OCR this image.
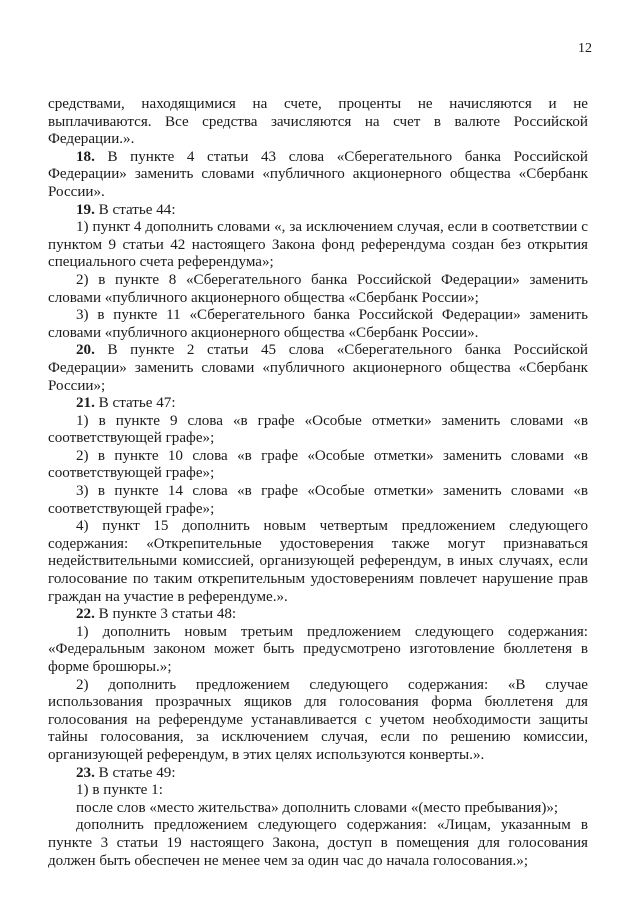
12

средствами, находящимися на счете, проценты не начисляются и не выплачиваются. Все средства зачисляются на счет в валюте Российской Федерации.».

18. В пункте 4 статьи 43 слова «Сберегательного банка Российской Федерации» заменить словами «публичного акционерного общества «Сбербанк России».

19. В статье 44:

1) пункт 4 дополнить словами «, за исключением случая, если в соответствии с пунктом 9 статьи 42 настоящего Закона фонд референдума создан без открытия специального счета референдума»;

2) в пункте 8 «Сберегательного банка Российской Федерации» заменить словами «публичного акционерного общества «Сбербанк России»;

3) в пункте 11 «Сберегательного банка Российской Федерации» заменить словами «публичного акционерного общества «Сбербанк России».

20. В пункте 2 статьи 45 слова «Сберегательного банка Российской Федерации» заменить словами «публичного акционерного общества «Сбербанк России»;

21. В статье 47:

1) в пункте 9 слова «в графе «Особые отметки» заменить словами «в соответствующей графе»;

2) в пункте 10 слова «в графе «Особые отметки» заменить словами «в соответствующей графе»;

3) в пункте 14 слова «в графе «Особые отметки» заменить словами «в соответствующей графе»;

4) пункт 15 дополнить новым четвертым предложением следующего содержания: «Открепительные удостоверения также могут признаваться недействительными комиссией, организующей референдум, в иных случаях, если голосование по таким открепительным удостоверениям повлечет нарушение прав граждан на участие в референдуме.».

22. В пункте 3 статьи 48:

1) дополнить новым третьим предложением следующего содержания: «Федеральным законом может быть предусмотрено изготовление бюллетеня в форме брошюры.»;

2) дополнить предложением следующего содержания: «В случае использования прозрачных ящиков для голосования форма бюллетеня для голосования на референдуме устанавливается с учетом необходимости защиты тайны голосования, за исключением случая, если по решению комиссии, организующей референдум, в этих целях используются конверты.».

23. В статье 49:

1) в пункте 1:

после слов «место жительства» дополнить словами «(место пребывания)»;

дополнить предложением следующего содержания: «Лицам, указанным в пункте 3 статьи 19 настоящего Закона, доступ в помещения для голосования должен быть обеспечен не менее чем за один час до начала голосования.»;
